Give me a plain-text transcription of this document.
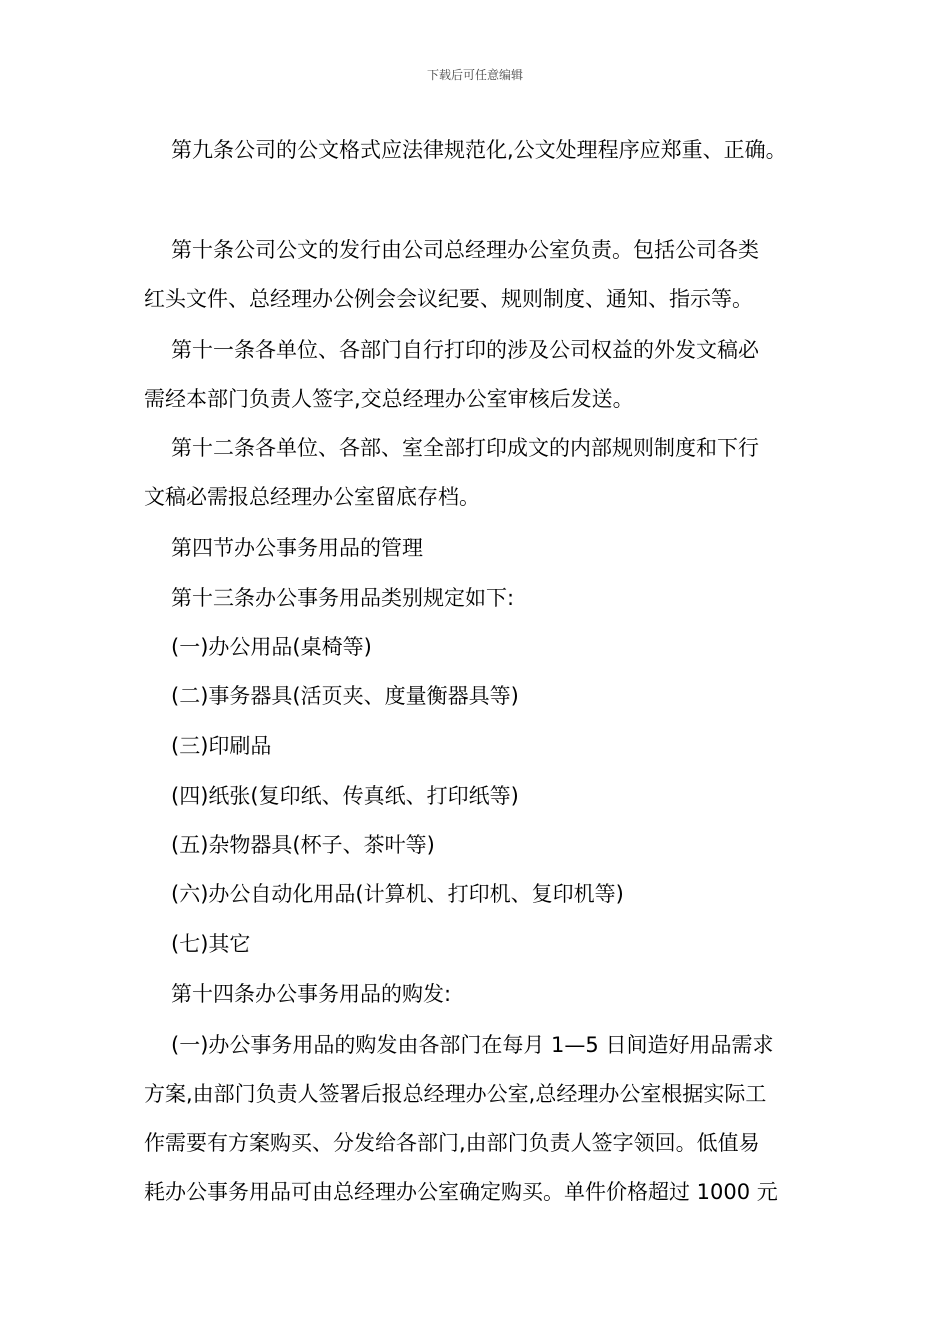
下载后可任意编辑
第九条公司的公文格式应法律规范化,公文处理程序应郑重、正确。
第十条公司公文的发行由公司总经理办公室负责。包括公司各类
红头文件、总经理办公例会会议纪要、规则制度、通知、指示等。
第十一条各单位、各部门自行打印的涉及公司权益的外发文稿必
需经本部门负责人签字,交总经理办公室审核后发送。
第十二条各单位、各部、室全部打印成文的内部规则制度和下行
文稿必需报总经理办公室留底存档。
第四节办公事务用品的管理
第十三条办公事务用品类别规定如下:
(一)办公用品(桌椅等)
(二)事务器具(活页夹、度量衡器具等)
(三)印刷品
(四)纸张(复印纸、传真纸、打印纸等)
(五)杂物器具(杯子、茶叶等)
(六)办公自动化用品(计算机、打印机、复印机等)
(七)其它
第十四条办公事务用品的购发:
(一)办公事务用品的购发由各部门在每月 1—5 日间造好用品需求
方案,由部门负责人签署后报总经理办公室,总经理办公室根据实际工
作需要有方案购买、分发给各部门,由部门负责人签字领回。低值易
耗办公事务用品可由总经理办公室确定购买。单件价格超过 1000 元
